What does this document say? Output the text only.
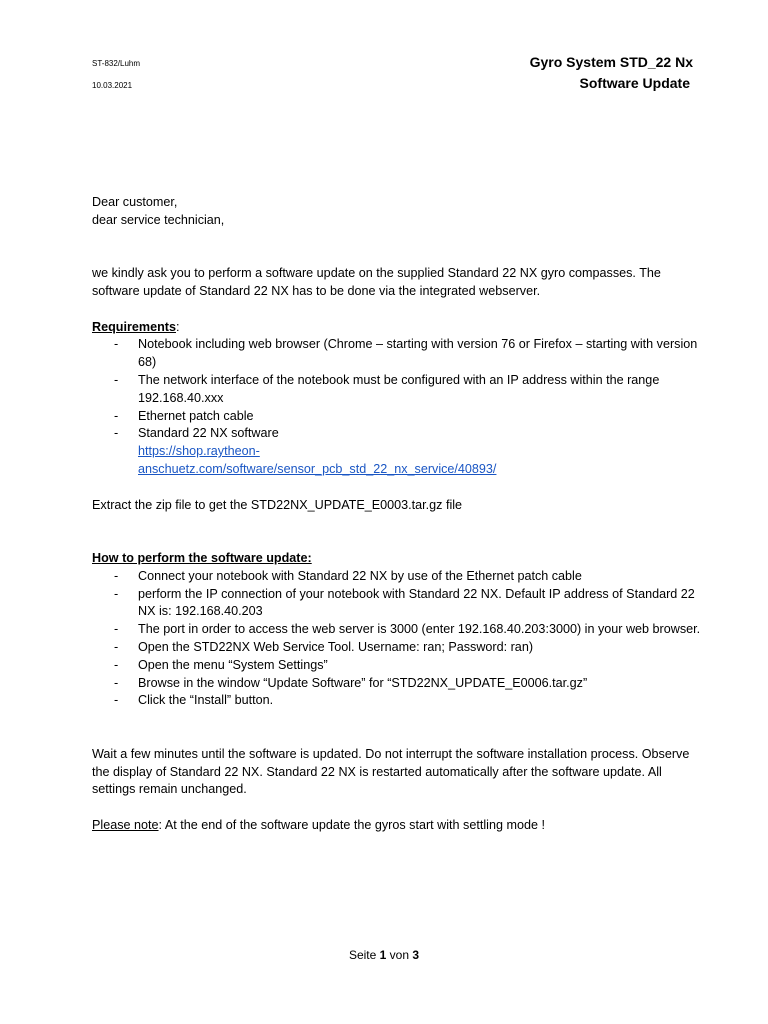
ST-832/Luhm
10.03.2021
Gyro System STD_22 Nx
Software Update

Dear customer,

dear service technician,

we kindly ask you to perform a software update on the supplied Standard 22 NX gyro compasses. The software update of Standard 22 NX has to be done via the integrated webserver.

Requirements:

- Notebook including web browser (Chrome – starting with version 76 or Firefox – starting with version 68)
- The network interface of the notebook must be configured with an IP address within the range 192.168.40.xxx
- Ethernet patch cable
- Standard 22 NX software
https://shop.raytheon-
anschuetz.com/software/sensor_pcb_std_22_nx_service/40893/

Extract the zip file to get the STD22NX_UPDATE_E0003.tar.gz file

How to perform the software update:

- Connect your notebook with Standard 22 NX by use of the Ethernet patch cable
- perform the IP connection of your notebook with Standard 22 NX. Default IP address of Standard 22 NX is: 192.168.40.203
- The port in order to access the web server is 3000 (enter 192.168.40.203:3000) in your web browser.
- Open the STD22NX Web Service Tool. Username: ran; Password: ran)
- Open the menu “System Settings”
- Browse in the window “Update Software” for “STD22NX_UPDATE_E0006.tar.gz”
- Click the “Install” button.

Wait a few minutes until the software is updated. Do not interrupt the software installation process. Observe the display of Standard 22 NX. Standard 22 NX is restarted automatically after the software update. All settings remain unchanged.

Please note: At the end of the software update the gyros start with settling mode !

Seite 1 von 3
